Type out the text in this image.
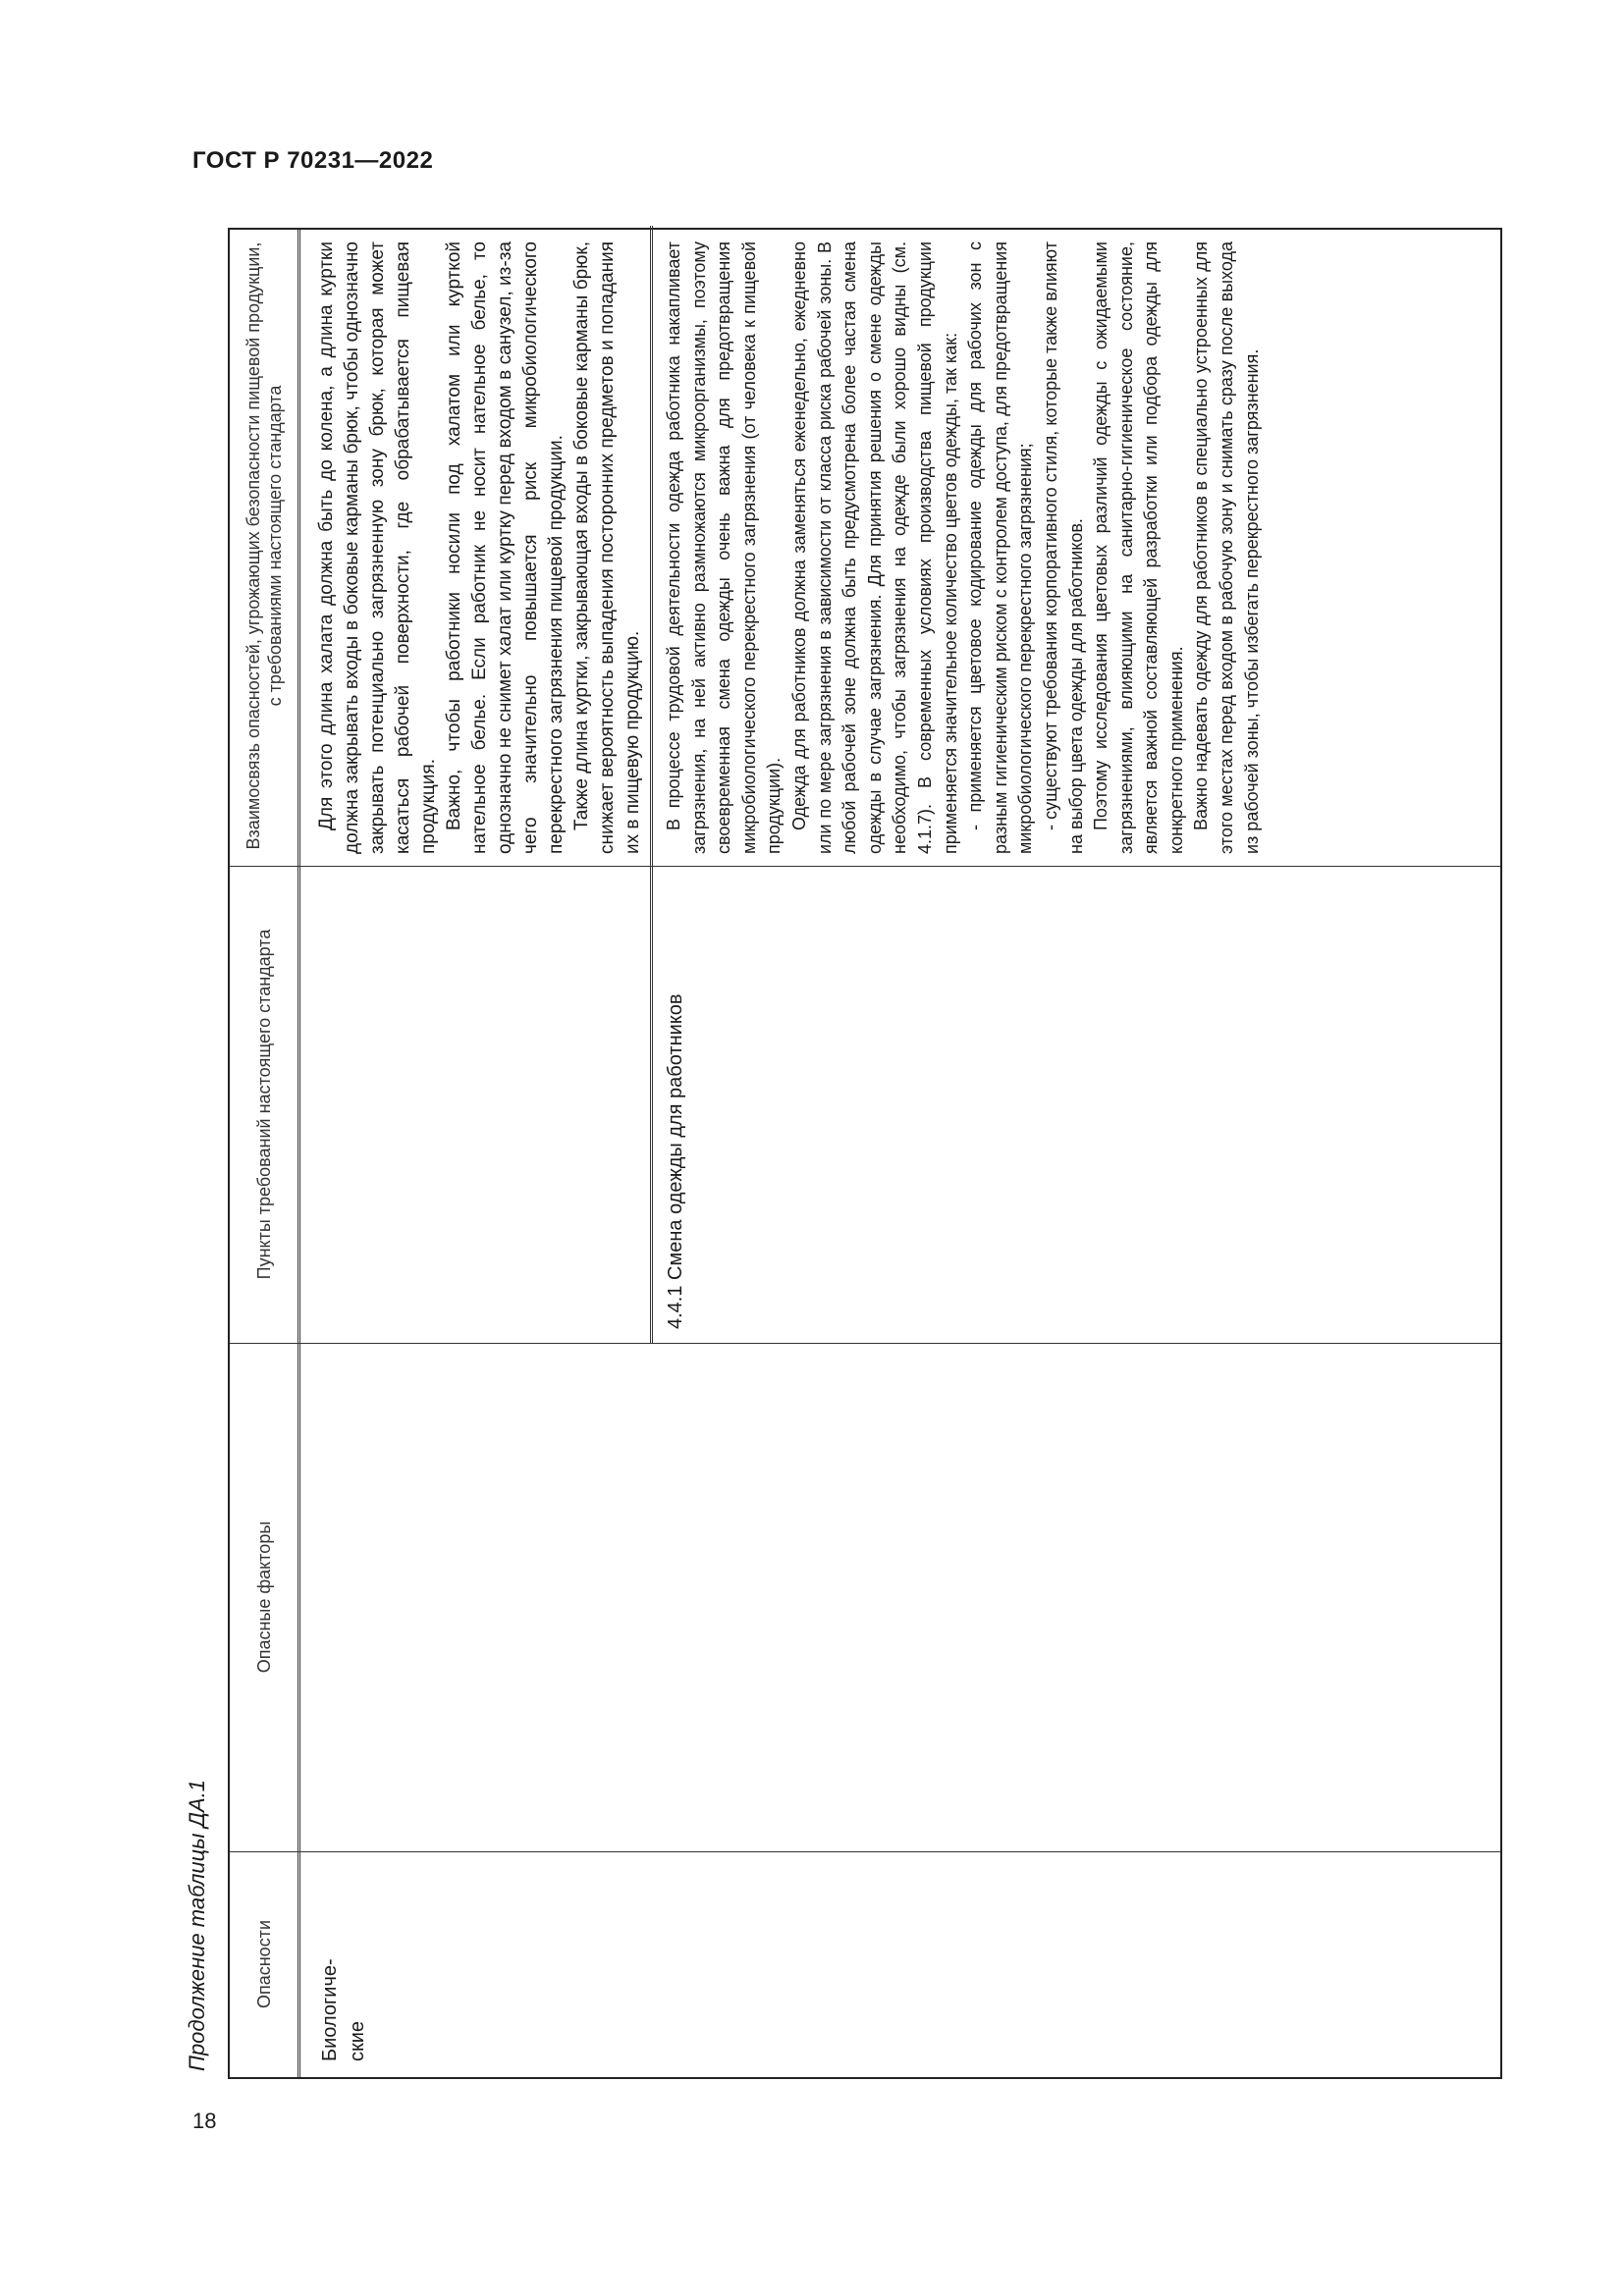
ГОСТ Р 70231—2022
18
Продолжение таблицы ДА.1	Опасности
Опасные факторы
Пункты требований настоящего стандарта
Взаимосвязь опасностей, угрожающих безопасности пищевой продукции, с требованиями настоящего стандарта
Биологиче-
ские

Для этого длина халата должна быть до колена, а длина куртки должна закрывать входы в боковые карманы брюк, чтобы однозначно закрывать потенциально загрязненную зону брюк, которая может касаться рабочей поверхности, где обрабатывается пищевая продукция. Важно, чтобы работники носили под халатом или курткой нательное белье. Если работник не носит нательное белье, то однозначно не снимет халат или куртку перед входом в санузел, из-за чего значительно повышается риск микробиологического перекрестного загрязнения пищевой продукции. Также длина куртки, закрывающая входы в боковые карманы брюк, снижает вероятность выпадения посторонних предметов и попадания их в пищевую продукцию.

4.4.1 Смена одежды для работников

В процессе трудовой деятельности одежда работника накапливает загрязнения, на ней активно размножаются микроорганизмы, поэтому своевременная смена одежды очень важна для предотвращения микробиологического перекрестного загрязнения (от человека к пищевой продукции). Одежда для работников должна заменяться еженедельно, ежедневно или по мере загрязнения в зависимости от класса риска рабочей зоны. В любой рабочей зоне должна быть предусмотрена более частая смена одежды в случае загрязнения. Для принятия решения о смене одежды необходимо, чтобы загрязнения на одежде были хорошо видны (см. 4.1.7). В современных условиях производства пищевой продукции применяется значительное количество цветов одежды, так как: - применяется цветовое кодирование одежды для рабочих зон с разным гигиеническим риском с контролем доступа, для предотвращения микробиологического перекрестного загрязнения; - существуют требования корпоративного стиля, которые также влияют на выбор цвета одежды для работников. Поэтому исследования цветовых различий одежды с ожидаемыми загрязнениями, влияющими на санитарно-гигиеническое состояние, является важной составляющей разработки или подбора одежды для конкретного применения. Важно надевать одежду для работников в специально устроенных для этого местах перед входом в рабочую зону и снимать сразу после выхода из рабочей зоны, чтобы избегать перекрестного загрязнения.
